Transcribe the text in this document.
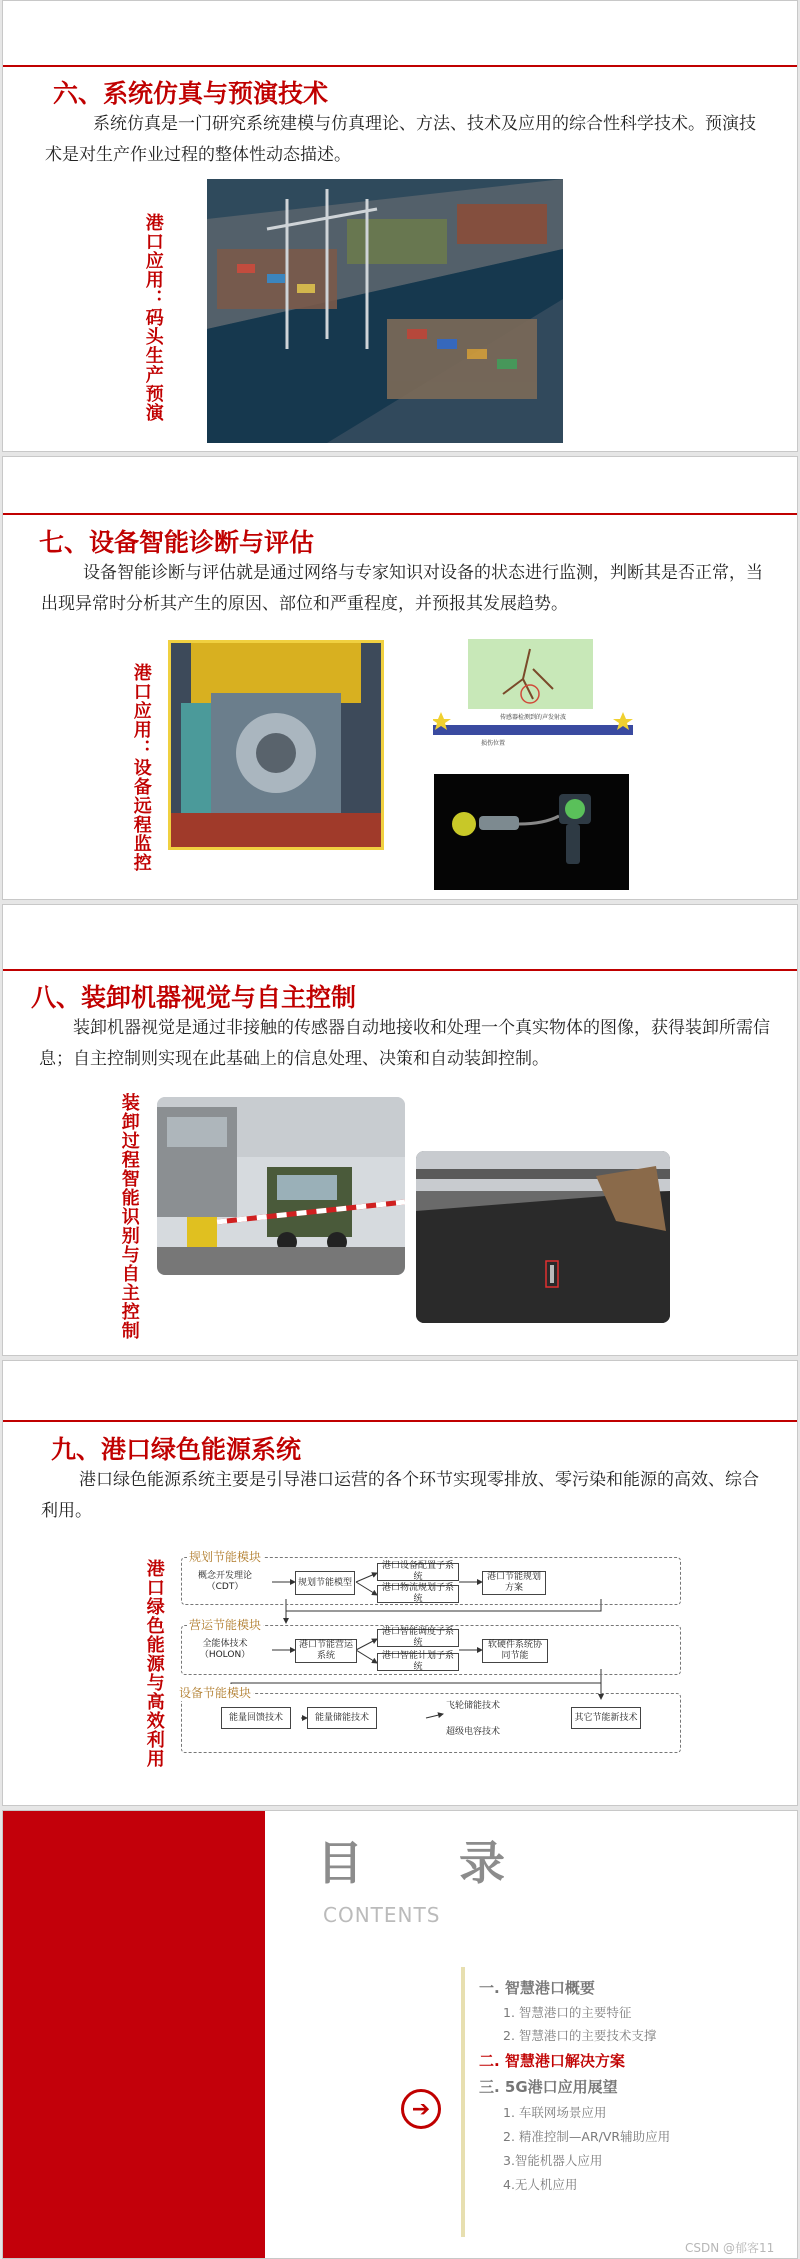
六、系统仿真与预演技术
系统仿真是一门研究系统建模与仿真理论、方法、技术及应用的综合性科学技术。预演技术是对生产作业过程的整体性动态描述。
港口应用：码头生产预演
七、设备智能诊断与评估
设备智能诊断与评估就是通过网络与专家知识对设备的状态进行监测，判断其是否正常，当出现异常时分析其产生的原因、部位和严重程度，并预报其发展趋势。
港口应用：设备远程监控	传感器检测到的声发射波
损伤位置
八、装卸机器视觉与自主控制
装卸机器视觉是通过非接触的传感器自动地接收和处理一个真实物体的图像，获得装卸所需信息；自主控制则实现在此基础上的信息处理、决策和自动装卸控制。
装卸过程智能识别与自主控制
九、港口绿色能源系统
港口绿色能源系统主要是引导港口运营的各个环节实现零排放、零污染和能源的高效、综合利用。
港口绿色能源与高效利用
规划节能模块
概念开发理论（CDT）	规划节能模型
港口设备配置子系统
港口物流规划子系统
港口节能规划方案
营运节能模块
全能体技术（HOLON）
港口节能营运系统
港口智能调度子系统
港口智能计划子系统
软硬件系统协同节能
设备节能模块
能量回馈技术	能量储能技术
飞轮储能技术
超级电容技术
其它节能新技术
目 录
CONTENTS
➔
一. 智慧港口概要
1. 智慧港口的主要特征
2. 智慧港口的主要技术支撑
二. 智慧港口解决方案
三. 5G港口应用展望
1. 车联网场景应用
2. 精准控制—AR/VR辅助应用
3.智能机器人应用
4.无人机应用
CSDN @郁客11
